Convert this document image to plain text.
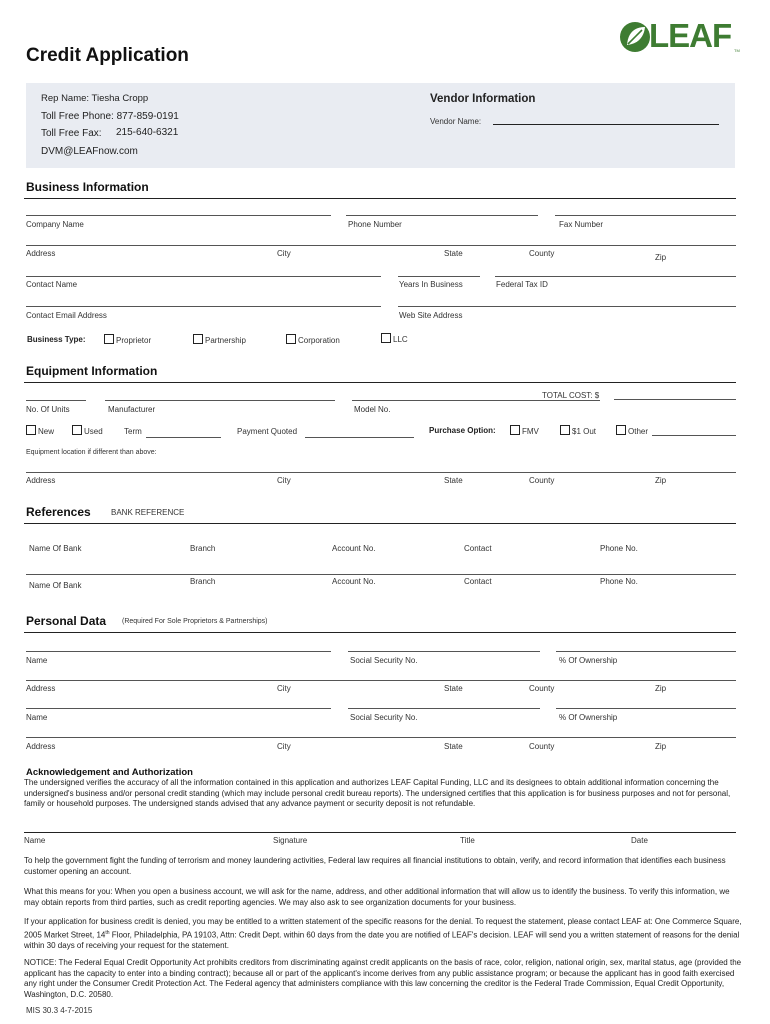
Credit Application
LEAF TM
Rep Name: Tiesha Cropp
Toll Free Phone: 877-859-0191
Toll Free Fax: 215-640-6321
DVM@LEAFnow.com
Vendor Information
Vendor Name:
Business Information
Company Name	Phone Number	Fax Number
Address	City	State	County	Zip
Contact Name	Years In Business	Federal Tax ID
Contact Email Address	Web Site Address
Business Type:	Proprietor	Partnership	Corporation	LLC
Equipment Information
TOTAL COST: $
No. Of Units	Manufacturer	Model No.
New	Used	Term	Payment Quoted	Purchase Option:	FMV	$1 Out	Other
Equipment location if different than above:
Address	City	State	County	Zip
References	BANK REFERENCE
Name Of Bank	Branch	Account No.	Contact	Phone No.
Name Of Bank	Branch	Account No.	Contact	Phone No.
Personal Data (Required For Sole Proprietors & Partnerships)
Name	Social Security No.	% Of Ownership
Address	City	State	County	Zip
Name	Social Security No.	% Of Ownership
Address	City	State	County	Zip
Acknowledgement and Authorization
The undersigned verifies the accuracy of all the information contained in this application and authorizes LEAF Capital Funding, LLC and its designees to obtain additional information concerning the undersigned's business and/or personal credit standing (which may include personal credit bureau reports). The undersigned certifies that this application is for business purposes and not for personal, family or household purposes. The undersigned stands advised that any advance payment or security deposit is not refundable.
Name	Signature	Title	Date
To help the government fight the funding of terrorism and money laundering activities, Federal law requires all financial institutions to obtain, verify, and record information that identifies each business customer opening an account.
What this means for you: When you open a business account, we will ask for the name, address, and other additional information that will allow us to identify the business. To verify this information, we may obtain reports from third parties, such as credit reporting agencies. We may also ask to see organization documents for your business.
If your application for business credit is denied, you may be entitled to a written statement of the specific reasons for the denial. To request the statement, please contact LEAF at: One Commerce Square, 2005 Market Street, 14th Floor, Philadelphia, PA 19103, Attn: Credit Dept. within 60 days from the date you are notified of LEAF's decision. LEAF will send you a written statement of reasons for the denial within 30 days of receiving your request for the statement.
NOTICE: The Federal Equal Credit Opportunity Act prohibits creditors from discriminating against credit applicants on the basis of race, color, religion, national origin, sex, marital status, age (provided the applicant has the capacity to enter into a binding contract); because all or part of the applicant's income derives from any public assistance program; or because the applicant has in good faith exercised any right under the Consumer Credit Protection Act. The Federal agency that administers compliance with this law concerning the creditor is the Federal Trade Commission, Equal Credit Opportunity, Washington, D.C. 20580.
MIS 30.3 4-7-2015
